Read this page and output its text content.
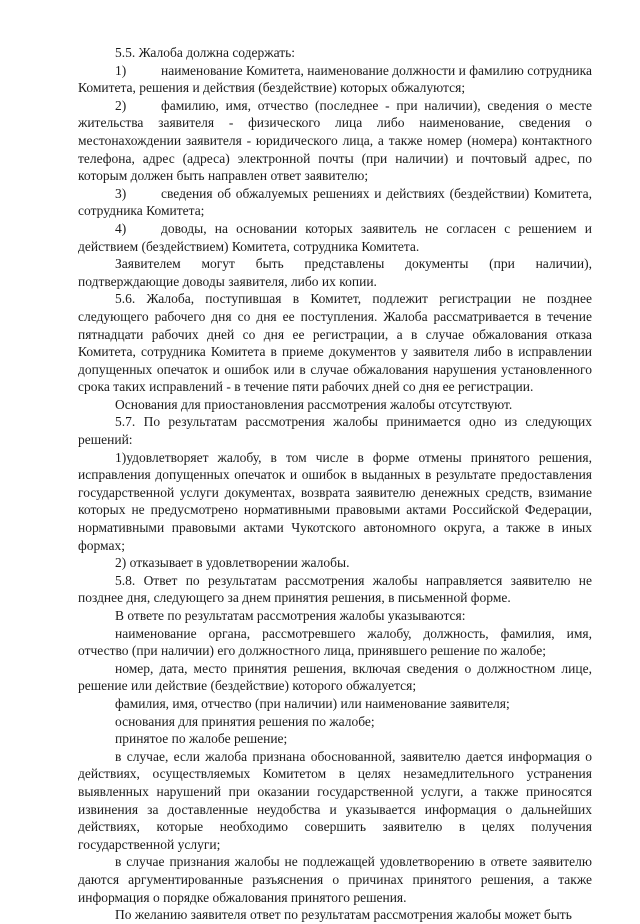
5.5. Жалоба должна содержать:

1)	наименование Комитета, наименование должности и фамилию сотрудника Комитета, решения и действия (бездействие) которых обжалуются;

2)	фамилию, имя, отчество (последнее - при наличии), сведения о месте жительства заявителя - физического лица либо наименование, сведения о местонахождении заявителя - юридического лица, а также номер (номера) контактного телефона, адрес (адреса) электронной почты (при наличии) и почтовый адрес, по которым должен быть направлен ответ заявителю;

3)	сведения об обжалуемых решениях и действиях (бездействии) Комитета, сотрудника Комитета;

4)	доводы, на основании которых заявитель не согласен с решением и действием (бездействием) Комитета, сотрудника Комитета.

Заявителем могут быть представлены документы (при наличии), подтверждающие доводы заявителя, либо их копии.

5.6. Жалоба, поступившая в Комитет, подлежит регистрации не позднее следующего рабочего дня со дня ее поступления. Жалоба рассматривается в течение пятнадцати рабочих дней со дня ее регистрации, а в случае обжалования отказа Комитета, сотрудника Комитета в приеме документов у заявителя либо в исправлении допущенных опечаток и ошибок или в случае обжалования нарушения установленного срока таких исправлений - в течение пяти рабочих дней со дня ее регистрации.

Основания для приостановления рассмотрения жалобы отсутствуют.

5.7. По результатам рассмотрения жалобы принимается одно из следующих решений:

1)удовлетворяет жалобу, в том числе в форме отмены принятого решения, исправления допущенных опечаток и ошибок в выданных в результате предоставления государственной услуги документах, возврата заявителю денежных средств, взимание которых не предусмотрено нормативными правовыми актами Российской Федерации, нормативными правовыми актами Чукотского автономного округа, а также в иных формах;

2) отказывает в удовлетворении жалобы.

5.8. Ответ по результатам рассмотрения жалобы направляется заявителю не позднее дня, следующего за днем принятия решения, в письменной форме.

В ответе по результатам рассмотрения жалобы указываются:

наименование органа, рассмотревшего жалобу, должность, фамилия, имя, отчество (при наличии) его должностного лица, принявшего решение по жалобе;

номер, дата, место принятия решения, включая сведения о должностном лице, решение или действие (бездействие) которого обжалуется;

фамилия, имя, отчество (при наличии) или наименование заявителя;

основания для принятия решения по жалобе;

принятое по жалобе решение;

в случае, если жалоба признана обоснованной, заявителю дается информация о действиях, осуществляемых Комитетом в целях незамедлительного устранения выявленных нарушений при оказании государственной услуги, а также приносятся извинения за доставленные неудобства и указывается информация о дальнейших действиях, которые необходимо совершить заявителю в целях получения государственной услуги;

в случае признания жалобы не подлежащей удовлетворению в ответе заявителю даются аргументированные разъяснения о причинах принятого решения, а также информация о порядке обжалования принятого решения.

По желанию заявителя ответ по результатам рассмотрения жалобы может быть
